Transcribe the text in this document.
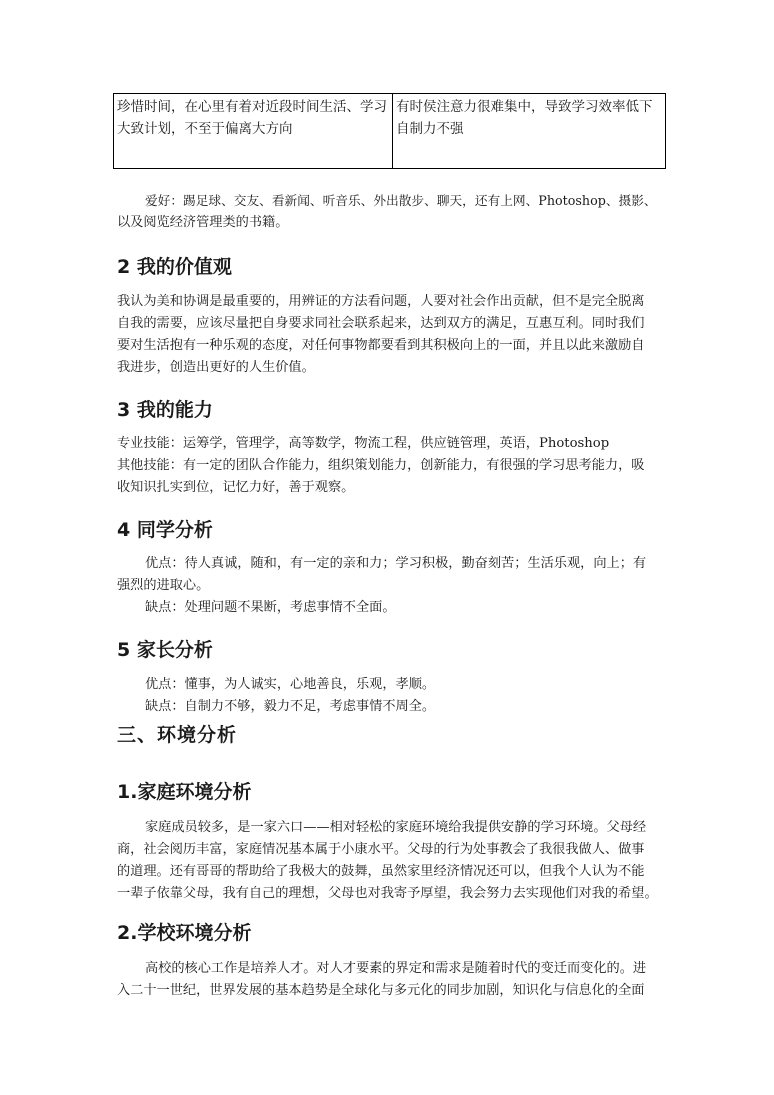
珍惜时间，在心里有着对近段时间生活、学习
大致计划，不至于偏离大方向

有时侯注意力很难集中，导致学习效率低下
自制力不强
爱好：踢足球、交友、看新闻、听音乐、外出散步、聊天，还有上网、Photoshop、摄影、
以及阅览经济管理类的书籍。
2 我的价值观
我认为美和协调是最重要的，用辨证的方法看问题，人要对社会作出贡献，但不是完全脱离
自我的需要，应该尽量把自身要求同社会联系起来，达到双方的满足，互惠互利。同时我们
要对生活抱有一种乐观的态度，对任何事物都要看到其积极向上的一面，并且以此来激励自
我进步，创造出更好的人生价值。
3 我的能力
专业技能：运筹学，管理学，高等数学，物流工程，供应链管理，英语，Photoshop
其他技能：有一定的团队合作能力，组织策划能力，创新能力，有很强的学习思考能力，吸
收知识扎实到位，记忆力好，善于观察。
4 同学分析
优点：待人真诚，随和，有一定的亲和力；学习积极，勤奋刻苦；生活乐观，向上；有
强烈的进取心。
缺点：处理问题不果断，考虑事情不全面。
5 家长分析
优点：懂事，为人诚实，心地善良，乐观，孝顺。
缺点：自制力不够，毅力不足，考虑事情不周全。
三、环境分析
1.家庭环境分析
家庭成员较多，是一家六口——相对轻松的家庭环境给我提供安静的学习环境。父母经
商，社会阅历丰富，家庭情况基本属于小康水平。父母的行为处事教会了我很我做人、做事
的道理。还有哥哥的帮助给了我极大的鼓舞，虽然家里经济情况还可以，但我个人认为不能
一辈子依靠父母，我有自己的理想，父母也对我寄予厚望，我会努力去实现他们对我的希望。
2.学校环境分析
高校的核心工作是培养人才。对人才要素的界定和需求是随着时代的变迁而变化的。进
入二十一世纪，世界发展的基本趋势是全球化与多元化的同步加剧，知识化与信息化的全面
